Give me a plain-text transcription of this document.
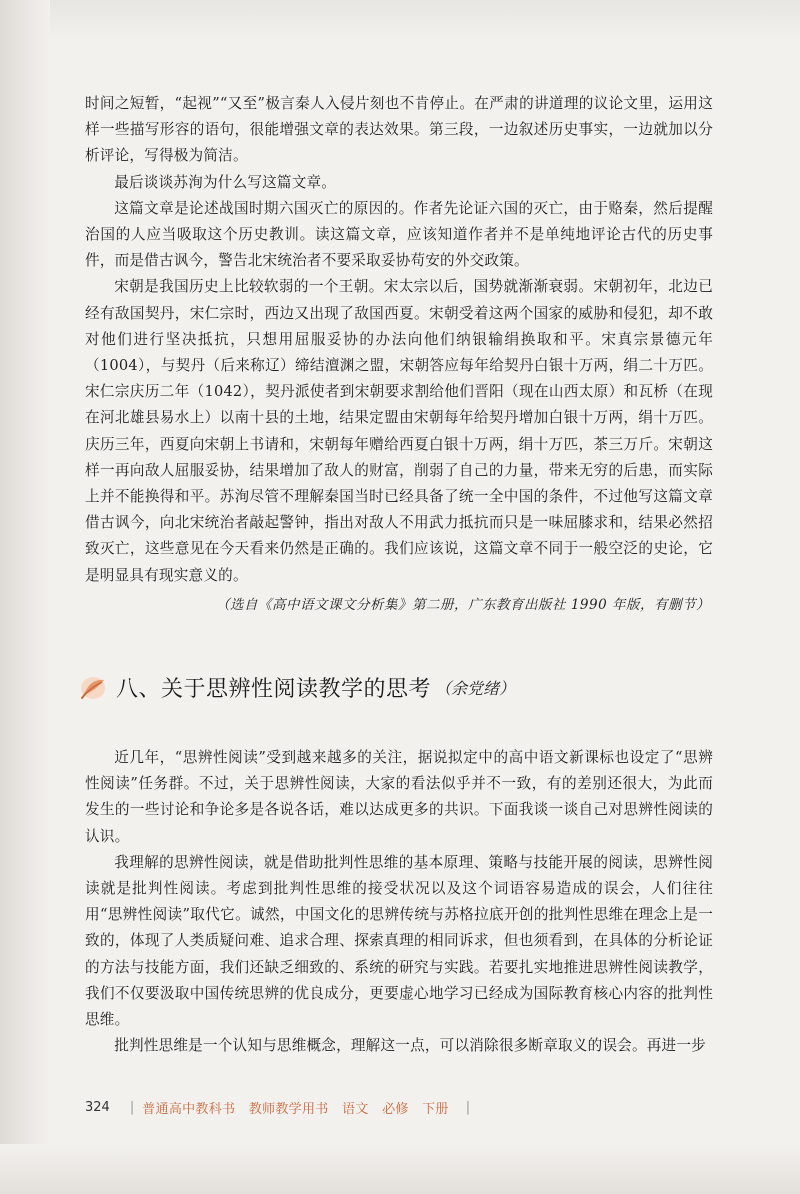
时间之短暂，“起视”“又至”极言秦人入侵片刻也不肯停止。在严肃的讲道理的议论文里，运用这样一些描写形容的语句，很能增强文章的表达效果。第三段，一边叙述历史事实，一边就加以分析评论，写得极为简洁。

最后谈谈苏洵为什么写这篇文章。

这篇文章是论述战国时期六国灭亡的原因的。作者先论证六国的灭亡，由于赂秦，然后提醒治国的人应当吸取这个历史教训。读这篇文章，应该知道作者并不是单纯地评论古代的历史事件，而是借古讽今，警告北宋统治者不要采取妥协苟安的外交政策。

宋朝是我国历史上比较软弱的一个王朝。宋太宗以后，国势就渐渐衰弱。宋朝初年，北边已经有敌国契丹，宋仁宗时，西边又出现了敌国西夏。宋朝受着这两个国家的威胁和侵犯，却不敢对他们进行坚决抵抗，只想用屈服妥协的办法向他们纳银输绢换取和平。宋真宗景德元年（1004），与契丹（后来称辽）缔结澶渊之盟，宋朝答应每年给契丹白银十万两，绢二十万匹。宋仁宗庆历二年（1042），契丹派使者到宋朝要求割给他们晋阳（现在山西太原）和瓦桥（在现在河北雄县易水上）以南十县的土地，结果定盟由宋朝每年给契丹增加白银十万两，绢十万匹。庆历三年，西夏向宋朝上书请和，宋朝每年赠给西夏白银十万两，绢十万匹，茶三万斤。宋朝这样一再向敌人屈服妥协，结果增加了敌人的财富，削弱了自己的力量，带来无穷的后患，而实际上并不能换得和平。苏洵尽管不理解秦国当时已经具备了统一全中国的条件，不过他写这篇文章借古讽今，向北宋统治者敲起警钟，指出对敌人不用武力抵抗而只是一味屈膝求和，结果必然招致灭亡，这些意见在今天看来仍然是正确的。我们应该说，这篇文章不同于一般空泛的史论，它是明显具有现实意义的。

（选自《高中语文课文分析集》第二册，广东教育出版社 1990 年版，有删节）
八、关于思辨性阅读教学的思考 （余党绪）

近几年，“思辨性阅读”受到越来越多的关注，据说拟定中的高中语文新课标也设定了“思辨性阅读”任务群。不过，关于思辨性阅读，大家的看法似乎并不一致，有的差别还很大，为此而发生的一些讨论和争论多是各说各话，难以达成更多的共识。下面我谈一谈自己对思辨性阅读的认识。

我理解的思辨性阅读，就是借助批判性思维的基本原理、策略与技能开展的阅读，思辨性阅读就是批判性阅读。考虑到批判性思维的接受状况以及这个词语容易造成的误会，人们往往用“思辨性阅读”取代它。诚然，中国文化的思辨传统与苏格拉底开创的批判性思维在理念上是一致的，体现了人类质疑问难、追求合理、探索真理的相同诉求，但也须看到，在具体的分析论证的方法与技能方面，我们还缺乏细致的、系统的研究与实践。若要扎实地推进思辨性阅读教学，我们不仅要汲取中国传统思辨的优良成分，更要虚心地学习已经成为国际教育核心内容的批判性思维。

批判性思维是一个认知与思维概念，理解这一点，可以消除很多断章取义的误会。再进一步

324 | 普通高中教科书 教师教学用书 语文 必修 下册	|
